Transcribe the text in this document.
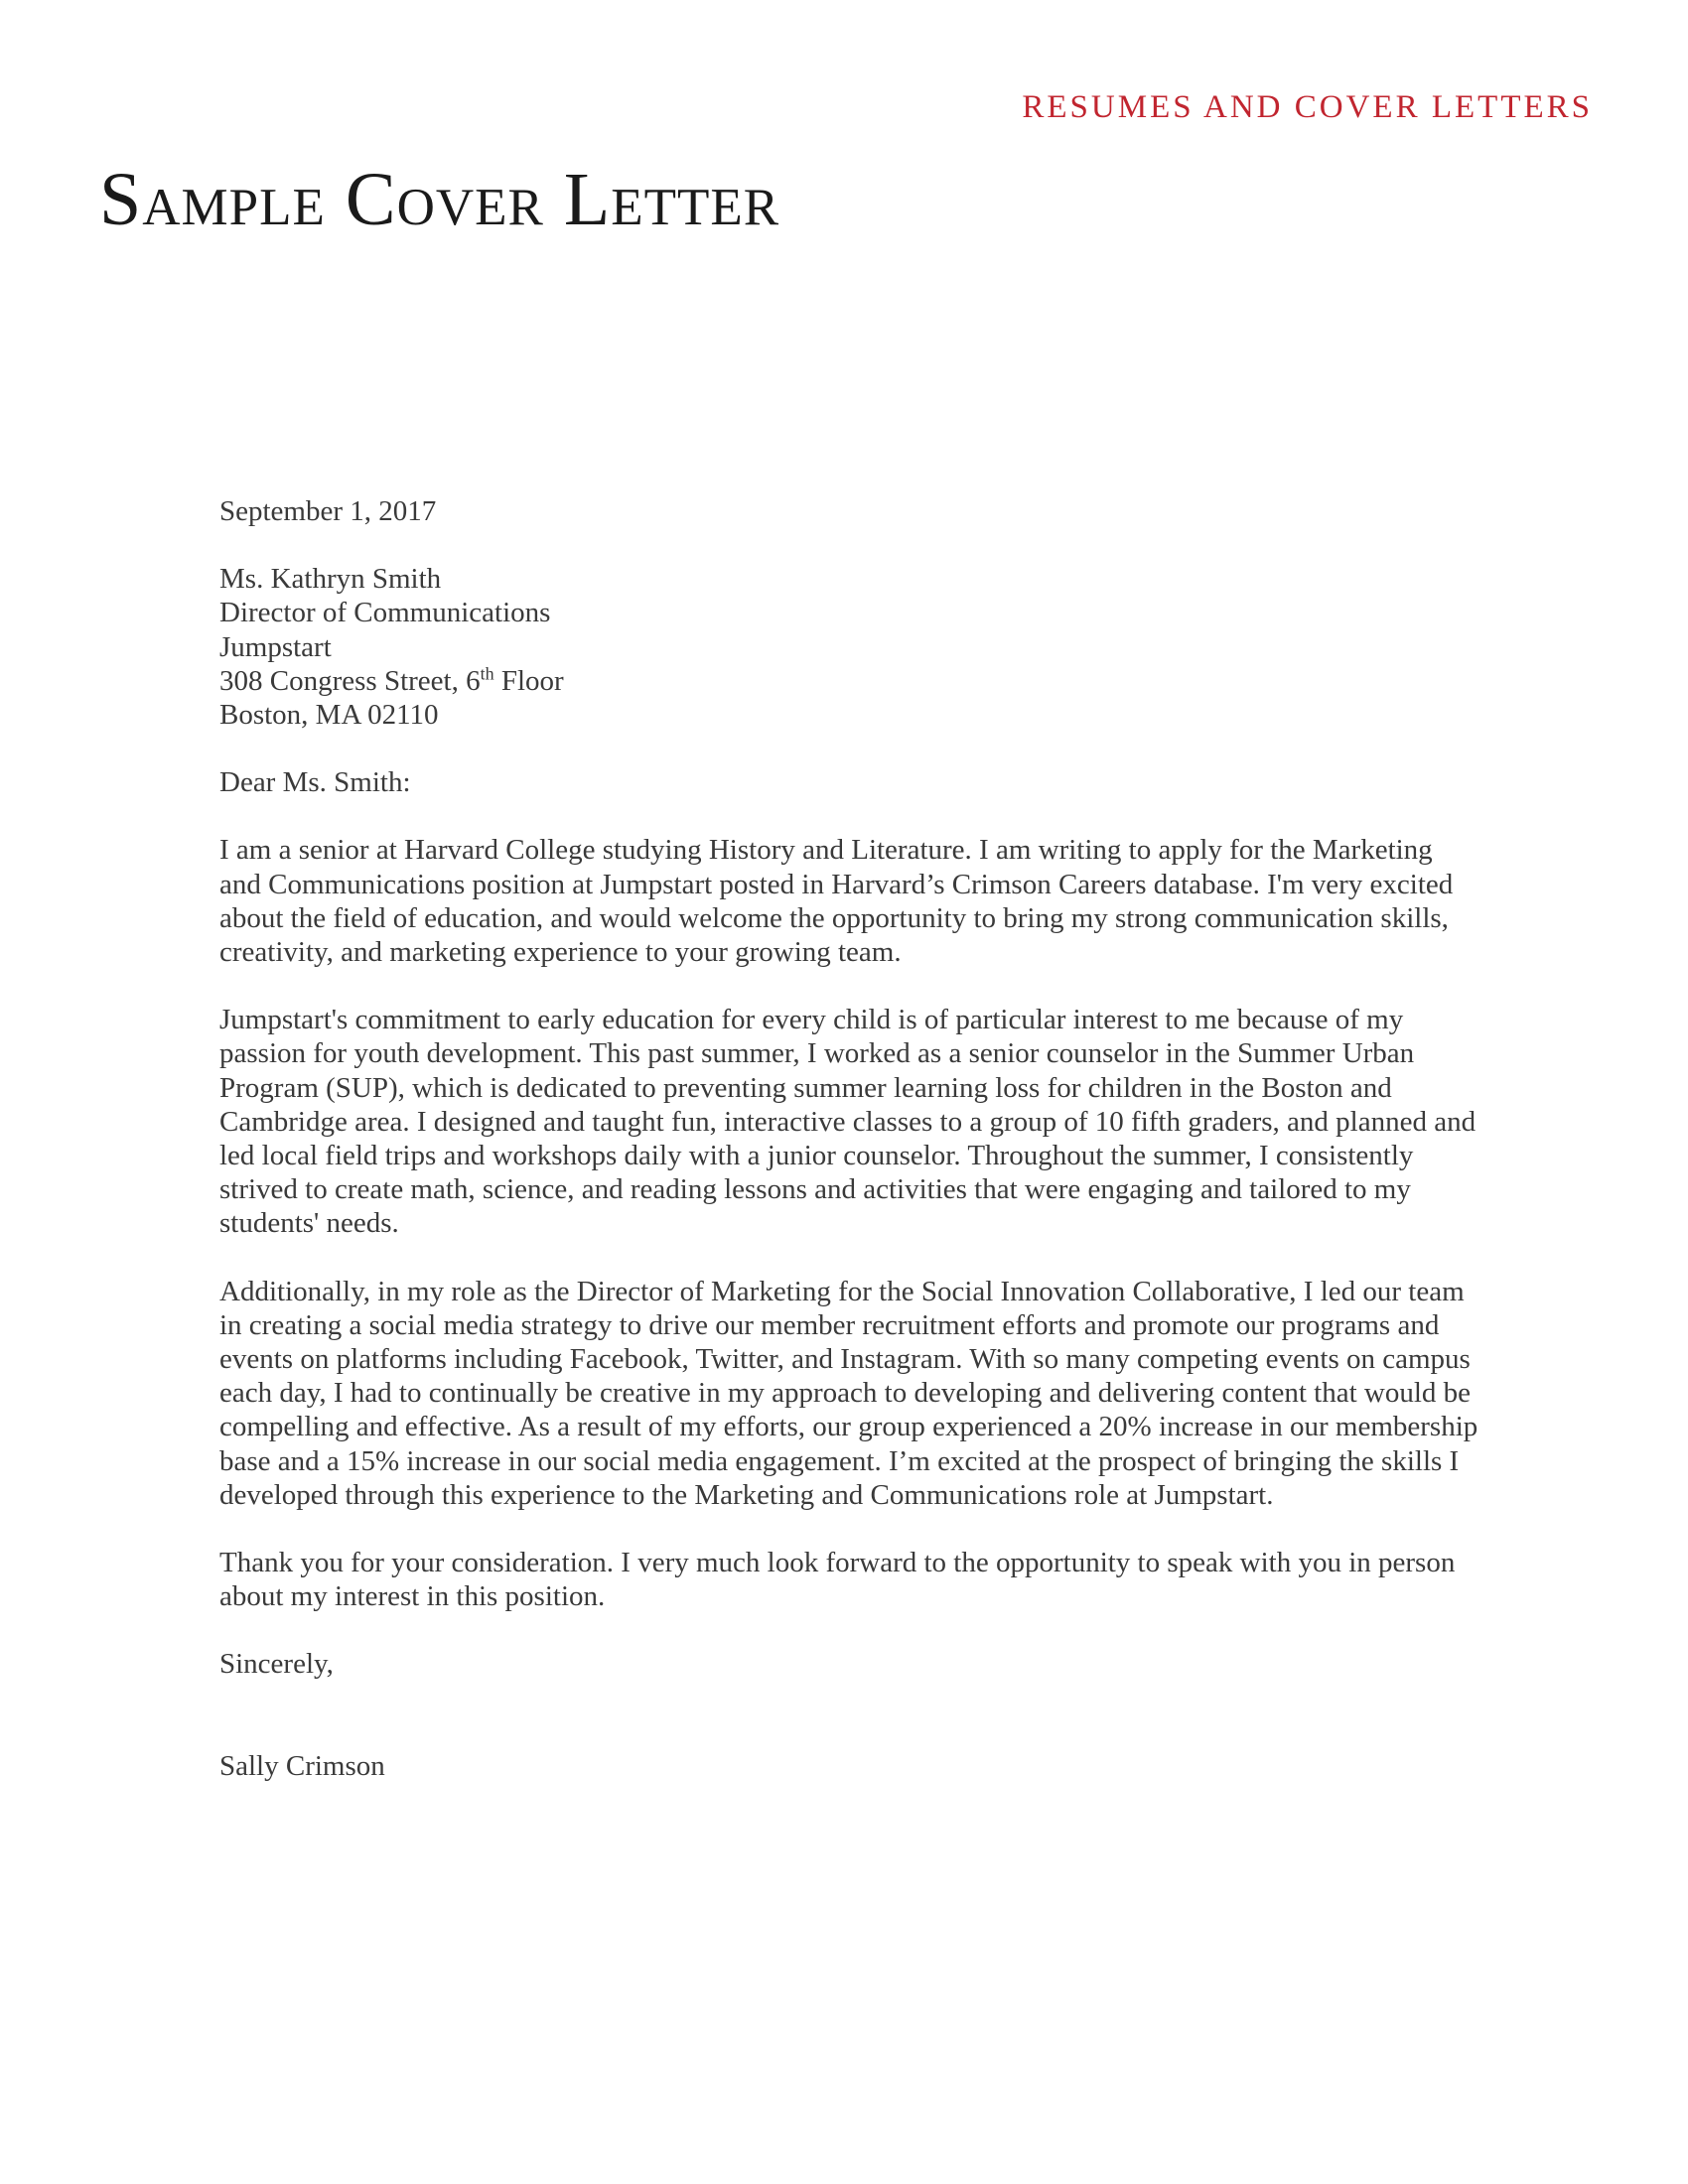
RESUMES AND COVER LETTERS
Sample Cover Letter

September 1, 2017

Ms. Kathryn Smith
Director of Communications
Jumpstart
308 Congress Street, 6th Floor
Boston, MA 02110

Dear Ms. Smith:

I am a senior at Harvard College studying History and Literature. I am writing to apply for the Marketing and Communications position at Jumpstart posted in Harvard’s Crimson Careers database. I'm very excited about the field of education, and would welcome the opportunity to bring my strong communication skills, creativity, and marketing experience to your growing team.

Jumpstart's commitment to early education for every child is of particular interest to me because of my passion for youth development. This past summer, I worked as a senior counselor in the Summer Urban Program (SUP), which is dedicated to preventing summer learning loss for children in the Boston and Cambridge area. I designed and taught fun, interactive classes to a group of 10 fifth graders, and planned and led local field trips and workshops daily with a junior counselor. Throughout the summer, I consistently strived to create math, science, and reading lessons and activities that were engaging and tailored to my students' needs.

Additionally, in my role as the Director of Marketing for the Social Innovation Collaborative, I led our team in creating a social media strategy to drive our member recruitment efforts and promote our programs and events on platforms including Facebook, Twitter, and Instagram. With so many competing events on campus each day, I had to continually be creative in my approach to developing and delivering content that would be compelling and effective. As a result of my efforts, our group experienced a 20% increase in our membership base and a 15% increase in our social media engagement. I’m excited at the prospect of bringing the skills I developed through this experience to the Marketing and Communications role at Jumpstart.

Thank you for your consideration. I very much look forward to the opportunity to speak with you in person about my interest in this position.

Sincerely,

Sally Crimson
